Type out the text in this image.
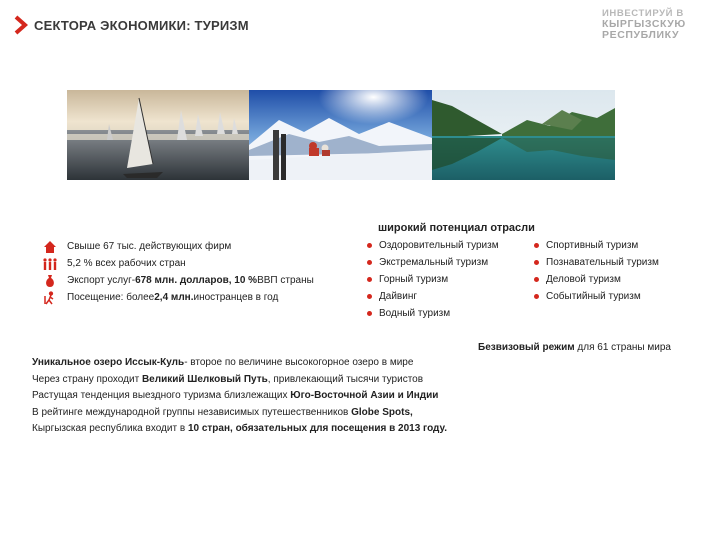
СЕКТОРА ЭКОНОМИКИ: ТУРИЗМ
ИНВЕСТИРУЙ В
КЫРГЫЗСКУЮ
РЕСПУБЛИКУ
широкий потенциал отрасли
Свыше 67 тыс. действующих фирм
5,2 % всех рабочих стран
Экспорт услуг- 678 млн. долларов, 10 % ВВП страны
Посещение: более 2,4 млн. иностранцев в год
Оздоровительный туризм
Экстремальный туризм
Горный туризм
Дайвинг
Водный туризм
Спортивный туризм
Познавательный туризм
Деловой туризм
Событийный туризм
Безвизовый режим для 61 страны мира
Уникальное озеро Иссык-Куль- второе по величине высокогорное озеро в мире
Через страну проходит Великий Шелковый Путь, привлекающий тысячи туристов
Растущая тенденция выездного туризма близлежащих Юго-Восточной Азии и Индии
В рейтинге международной группы независимых путешественников Globe Spots,
Кыргызская республика входит в 10 стран, обязательных для посещения в 2013 году.
